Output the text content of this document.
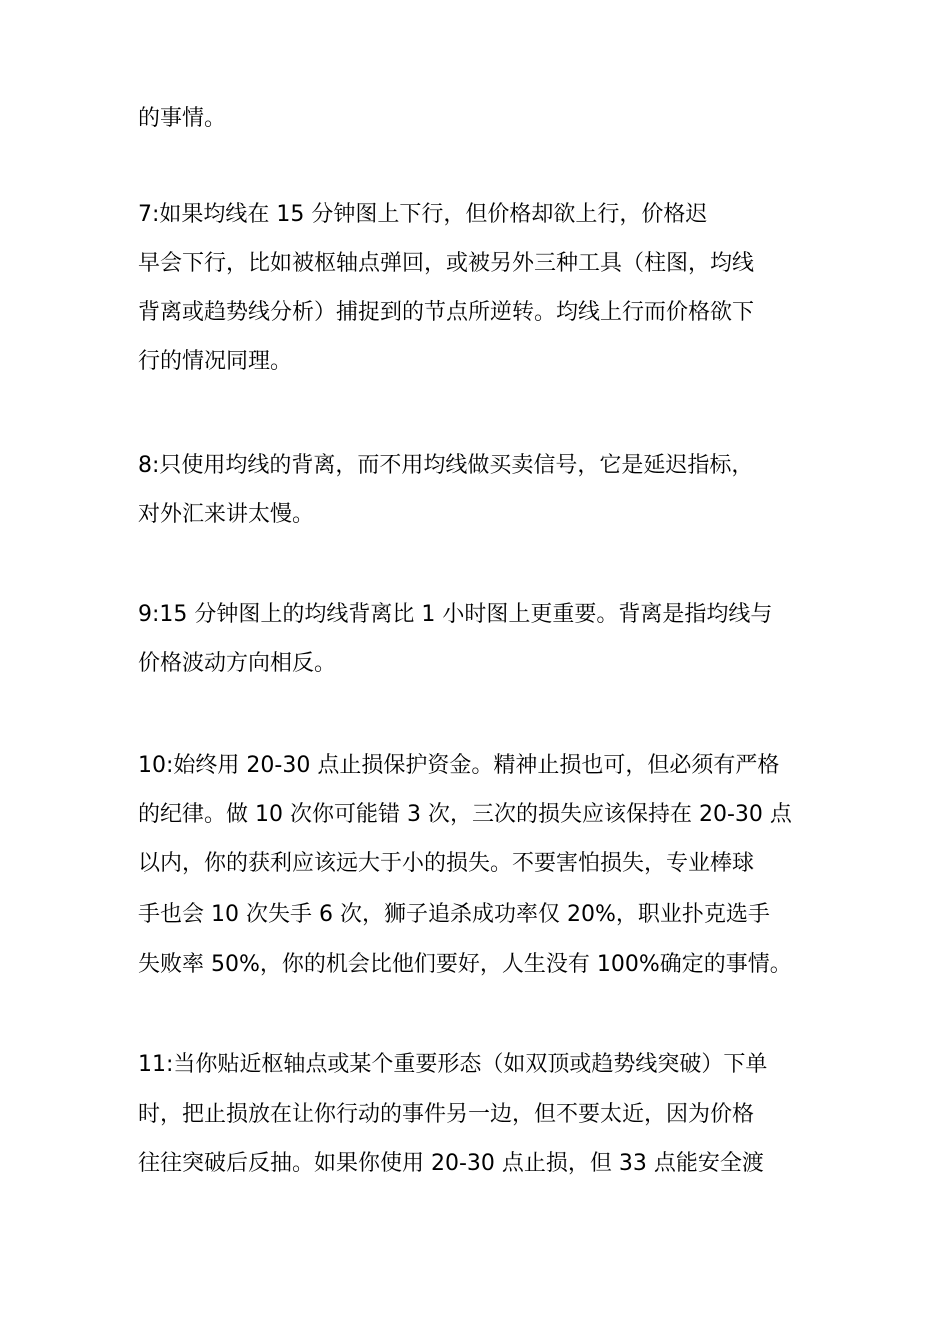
的事情。
7:如果均线在 15 分钟图上下行，但价格却欲上行，价格迟
早会下行，比如被枢轴点弹回，或被另外三种工具（柱图，均线
背离或趋势线分析）捕捉到的节点所逆转。均线上行而价格欲下
行的情况同理。
8:只使用均线的背离，而不用均线做买卖信号，它是延迟指标，
对外汇来讲太慢。
9:15 分钟图上的均线背离比 1 小时图上更重要。背离是指均线与
价格波动方向相反。
10:始终用 20-30 点止损保护资金。精神止损也可，但必须有严格
的纪律。做 10 次你可能错 3 次，三次的损失应该保持在 20-30 点
以内，你的获利应该远大于小的损失。不要害怕损失，专业棒球
手也会 10 次失手 6 次，狮子追杀成功率仅 20%，职业扑克选手
失败率 50%，你的机会比他们要好，人生没有 100%确定的事情。
11:当你贴近枢轴点或某个重要形态（如双顶或趋势线突破）下单
时，把止损放在让你行动的事件另一边，但不要太近，因为价格
往往突破后反抽。如果你使用 20-30 点止损，但 33 点能安全渡
